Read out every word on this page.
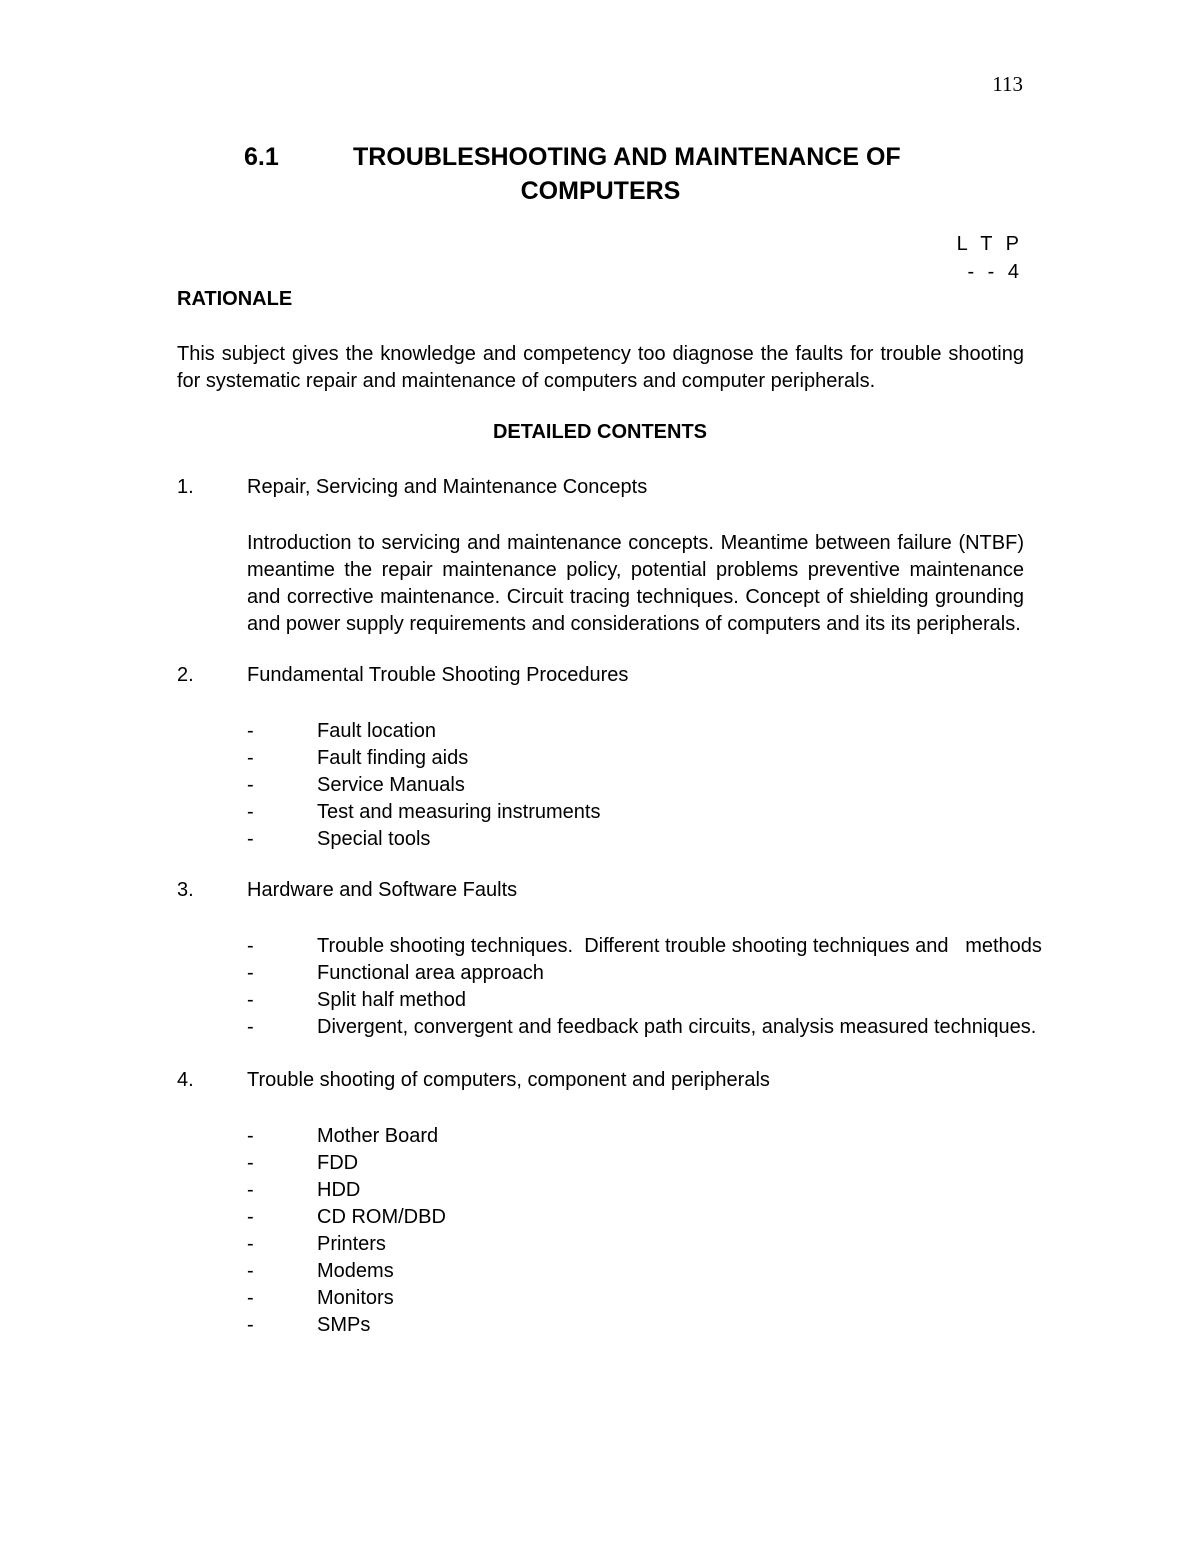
113
6.1	TROUBLESHOOTING AND MAINTENANCE OF
COMPUTERS
L T P
- - 4
RATIONALE

This subject gives the knowledge and competency too diagnose the faults for trouble shooting for systematic repair and maintenance of computers and computer peripherals.

DETAILED CONTENTS
1.	Repair, Servicing and Maintenance Concepts

Introduction to servicing and maintenance concepts. Meantime between failure (NTBF) meantime the repair maintenance policy, potential problems preventive maintenance and corrective maintenance. Circuit tracing techniques. Concept of shielding grounding and power supply requirements and considerations of computers and its its peripherals.

2.	Fundamental Trouble Shooting Procedures
-	Fault location
-	Fault finding aids
-	Service Manuals
-	Test and measuring instruments
-	Special tools
3.	Hardware and Software Faults
-	Trouble shooting techniques.  Different trouble shooting techniques and   methods
-	Functional area approach
-	Split half method
-	Divergent, convergent and feedback path circuits, analysis measured techniques.
4.	Trouble shooting of computers, component and peripherals
-	Mother Board
-	FDD
-	HDD
-	CD ROM/DBD
-	Printers
-	Modems
-	Monitors
-	SMPs
